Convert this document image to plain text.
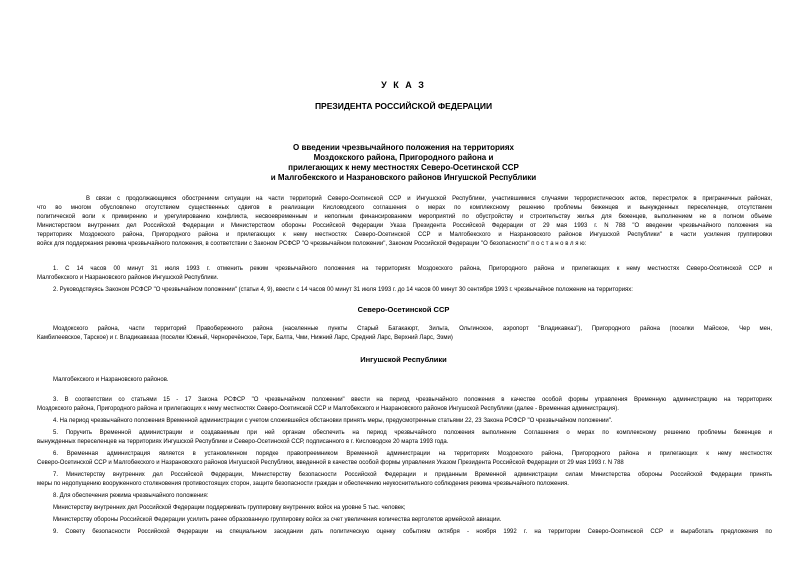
У К А З

ПРЕЗИДЕНТА РОССИЙСКОЙ ФЕДЕРАЦИИ

О введении чрезвычайного положения на территориях

Моздокского района, Пригородного района и

прилегающих к нему местностях Северо-Осетинской ССР

и Малгобекского и Назрановского районов Ингушской Республики

В связи с продолжающимся обострением ситуации на части территорий Северо-Осетинской ССР и Ингушской Республики, участившимися случаями террористических актов, перестрелок в приграничных районах,

что во многом обусловлено отсутствием существенных сдвигов в реализации Кисловодского соглашения о мерах по комплексному решению проблемы беженцев и вынужденных переселенцев, отсутствием

политической воли к примирению и урегулированию конфликта, несвоевременным и неполным финансированием мероприятий по обустройству и строительству жилья для беженцев, выполнением не в полном объеме

Министерством внутренних дел Российской Федерации и Министерством обороны Российской Федерации Указа Президента Российской Федерации от 29 мая 1993 г. N 788 "О введении чрезвычайного положения на

территориях Моздокского района, Пригородного района и прилегающих к нему местностях Северо-Осетинской ССР и Малгобекского и Назрановского районов Ингушской Республики" в части усиления группировки

войск для поддержания режима чрезвычайного положения, в соответствии с Законом РСФСР "О чрезвычайном положении", Законом Российской Федерации "О безопасности" п о с т а н о в л я ю:

1. С 14 часов 00 минут 31 июля 1993 г. отменить режим чрезвычайного положения на территориях Моздокского района, Пригородного района и прилегающих к нему местностях Северо-Осетинской ССР и

Малгобекского и Назрановского районов Ингушской Республики.

2. Руководствуясь Законом РСФСР "О чрезвычайном положении" (статьи 4, 9), ввести с 14 часов 00 минут 31 июля 1993 г. до 14 часов 00 минут 30 сентября 1993 г. чрезвычайное положение на территориях:

Северо-Осетинской ССР

Моздокского района, части территорий Правобережного района (населенные пункты Старый Батакаюрт, Зильга, Ольгинское, аэропорт "Владикавказ"), Пригородного района (поселки Майское, Чер мен,

Камбилеевское, Тарское) и г. Владикавказа (поселки Южный, Черноречёнское, Терк, Балта, Чми, Нижний Ларс, Средний Ларс, Верхний Ларс, Эзми)

Ингушской Республики

Малгобекского и Назрановского районов.

3. В соответствии со статьями 15 - 17 Закона РСФСР "О чрезвычайном положении" ввести на период чрезвычайного положения в качестве особой формы управления Временную администрацию на территориях

Моздокского района, Пригородного района и прилегающих к нему местностях Северо-Осетинской ССР и Малгобекского и Назрановского районов Ингушской Республики (далее - Временная администрация).

4. На период чрезвычайного положения Временной администрации с учетом сложившейся обстановки принять меры, предусмотренные статьями 22, 23 Закона РСФСР "О чрезвычайном положении".

5. Поручить Временной администрации и создаваемым при ней органам обеспечить на период чрезвычайного положения выполнение Соглашения о мерах по комплексному решению проблемы беженцев и

вынужденных переселенцев на территориях Ингушской Республики и Северо-Осетинской ССР, подписанного в г. Кисловодске 20 марта 1993 года.

6. Временная администрация является в установленном порядке правопреемником Временной администрации на территориях Моздокского района, Пригородного района и прилегающих к нему местностях

Северо-Осетинской ССР и Малгобекского и Назрановского районов Ингушской Республики, введенной в качестве особой формы управления Указом Президента Российской Федерации от 29 мая 1993 г. N 788

7. Министерству внутренних дел Российской Федерации, Министерству безопасности Российской Федерации и приданным Временной администрации силам Министерства обороны Российской Федерации принять

меры по недопущению вооруженного столкновения противостоящих сторон, защите безопасности граждан и обеспечению неукоснительного соблюдения режима чрезвычайного положения.

8. Для обеспечения режима чрезвычайного положения:

Министерству внутренних дел Российской Федерации поддерживать группировку внутренних войск на уровне 5 тыс. человек;

Министерству обороны Российской Федерации усилить ранее образованную группировку войск за счет увеличения количества вертолетов армейской авиации.

9. Совету безопасности Российской Федерации на специальном заседании дать политическую оценку событиям октября - ноября 1992 г. на территории Северо-Осетинской ССР и выработать предложения по
